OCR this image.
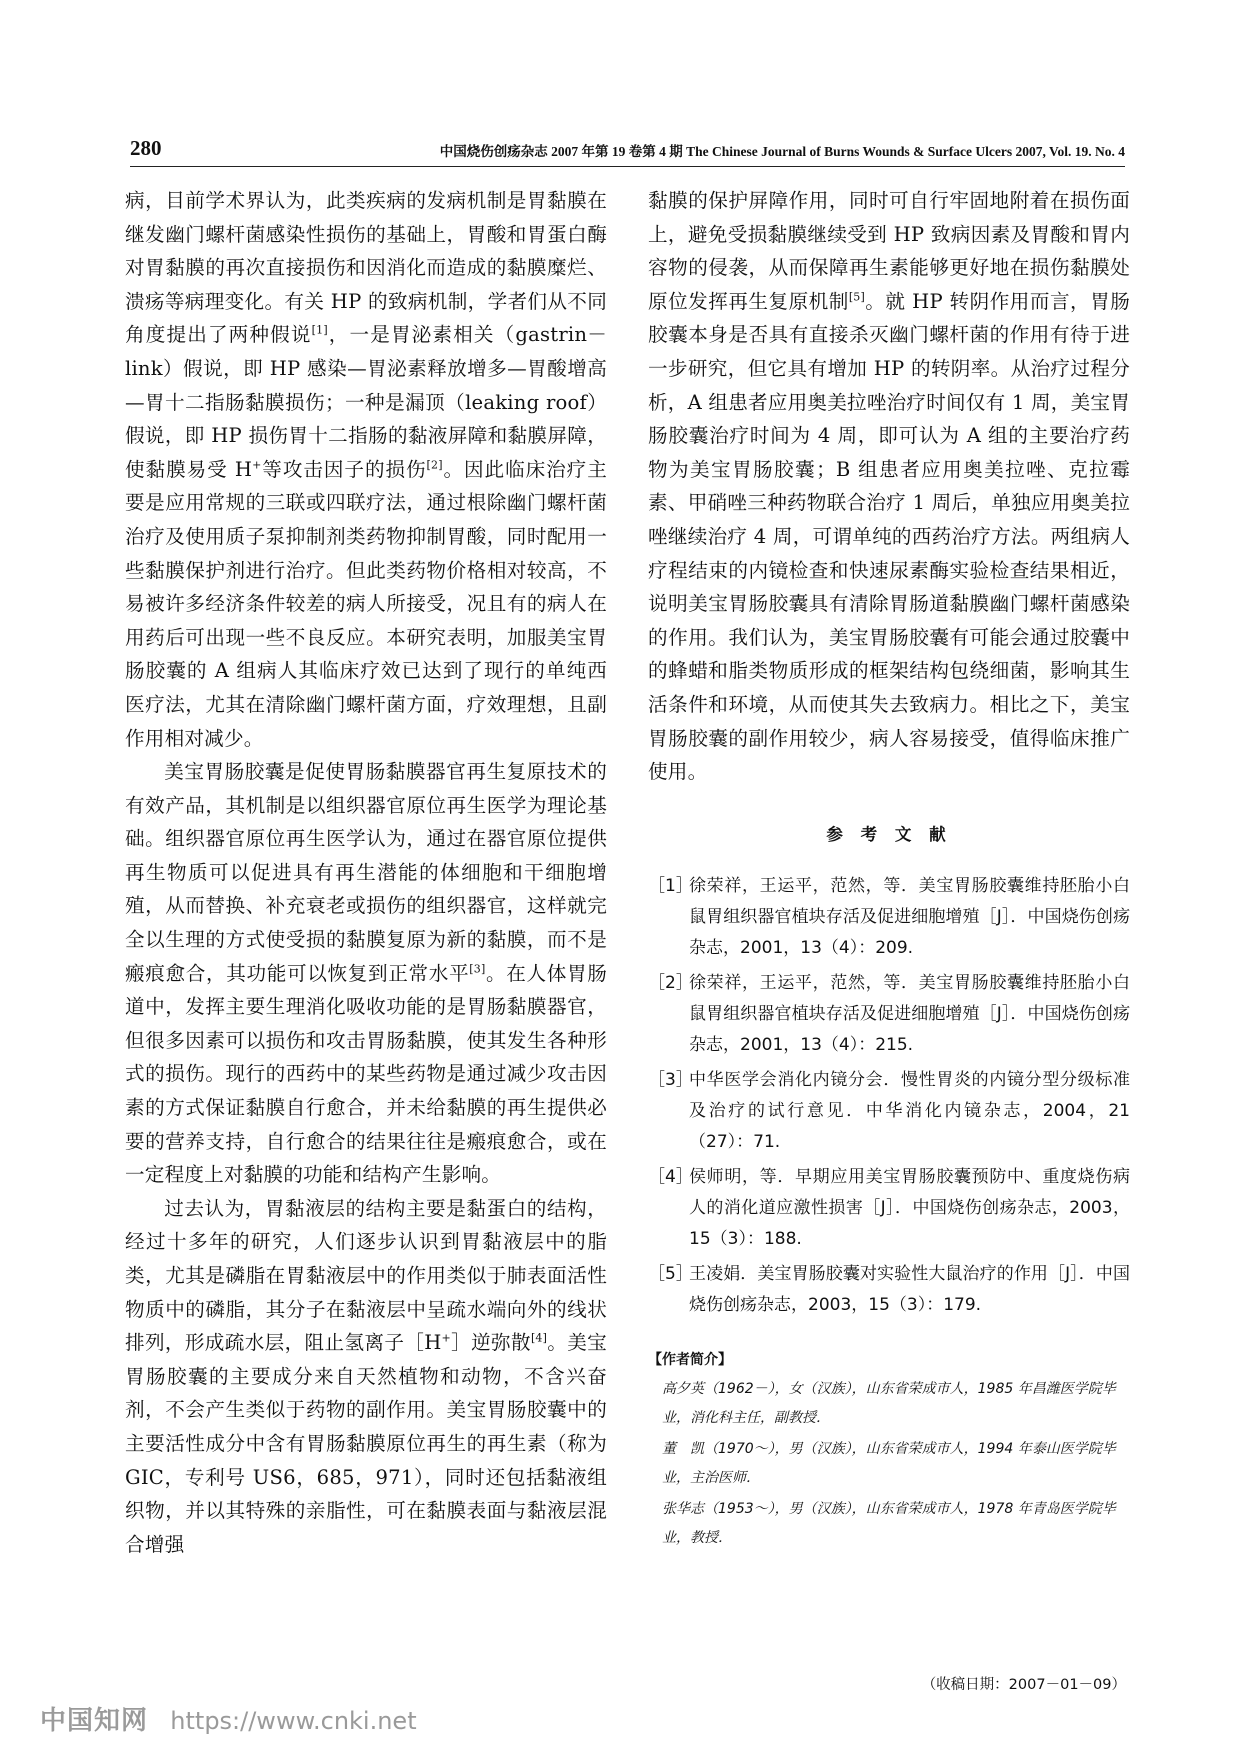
280	中国烧伤创疡杂志 2007 年第 19 卷第 4 期 The Chinese Journal of Burns Wounds & Surface Ulcers 2007, Vol. 19. No. 4

病，目前学术界认为，此类疾病的发病机制是胃黏膜在继发幽门螺杆菌感染性损伤的基础上，胃酸和胃蛋白酶对胃黏膜的再次直接损伤和因消化而造成的黏膜糜烂、溃疡等病理变化。有关 HP 的致病机制，学者们从不同角度提出了两种假说[1]，一是胃泌素相关（gastrin－link）假说，即 HP 感染—胃泌素释放增多—胃酸增高—胃十二指肠黏膜损伤；一种是漏顶（leaking roof）假说，即 HP 损伤胃十二指肠的黏液屏障和黏膜屏障，使黏膜易受 H+等攻击因子的损伤[2]。因此临床治疗主要是应用常规的三联或四联疗法，通过根除幽门螺杆菌治疗及使用质子泵抑制剂类药物抑制胃酸，同时配用一些黏膜保护剂进行治疗。但此类药物价格相对较高，不易被许多经济条件较差的病人所接受，况且有的病人在用药后可出现一些不良反应。本研究表明，加服美宝胃肠胶囊的 A 组病人其临床疗效已达到了现行的单纯西医疗法，尤其在清除幽门螺杆菌方面，疗效理想，且副作用相对减少。

美宝胃肠胶囊是促使胃肠黏膜器官再生复原技术的有效产品，其机制是以组织器官原位再生医学为理论基础。组织器官原位再生医学认为，通过在器官原位提供再生物质可以促进具有再生潜能的体细胞和干细胞增殖，从而替换、补充衰老或损伤的组织器官，这样就完全以生理的方式使受损的黏膜复原为新的黏膜，而不是瘢痕愈合，其功能可以恢复到正常水平[3]。在人体胃肠道中，发挥主要生理消化吸收功能的是胃肠黏膜器官，但很多因素可以损伤和攻击胃肠黏膜，使其发生各种形式的损伤。现行的西药中的某些药物是通过减少攻击因素的方式保证黏膜自行愈合，并未给黏膜的再生提供必要的营养支持，自行愈合的结果往往是瘢痕愈合，或在一定程度上对黏膜的功能和结构产生影响。

过去认为，胃黏液层的结构主要是黏蛋白的结构，经过十多年的研究，人们逐步认识到胃黏液层中的脂类，尤其是磷脂在胃黏液层中的作用类似于肺表面活性物质中的磷脂，其分子在黏液层中呈疏水端向外的线状排列，形成疏水层，阻止氢离子［H+］逆弥散[4]。美宝胃肠胶囊的主要成分来自天然植物和动物，不含兴奋剂，不会产生类似于药物的副作用。美宝胃肠胶囊中的主要活性成分中含有胃肠黏膜原位再生的再生素（称为 GIC，专利号 US6，685，971），同时还包括黏液组织物，并以其特殊的亲脂性，可在黏膜表面与黏液层混合增强

黏膜的保护屏障作用，同时可自行牢固地附着在损伤面上，避免受损黏膜继续受到 HP 致病因素及胃酸和胃内容物的侵袭，从而保障再生素能够更好地在损伤黏膜处原位发挥再生复原机制[5]。就 HP 转阴作用而言，胃肠胶囊本身是否具有直接杀灭幽门螺杆菌的作用有待于进一步研究，但它具有增加 HP 的转阴率。从治疗过程分析，A 组患者应用奥美拉唑治疗时间仅有 1 周，美宝胃肠胶囊治疗时间为 4 周，即可认为 A 组的主要治疗药物为美宝胃肠胶囊；B 组患者应用奥美拉唑、克拉霉素、甲硝唑三种药物联合治疗 1 周后，单独应用奥美拉唑继续治疗 4 周，可谓单纯的西药治疗方法。两组病人疗程结束的内镜检查和快速尿素酶实验检查结果相近，说明美宝胃肠胶囊具有清除胃肠道黏膜幽门螺杆菌感染的作用。我们认为，美宝胃肠胶囊有可能会通过胶囊中的蜂蜡和脂类物质形成的框架结构包绕细菌，影响其生活条件和环境，从而使其失去致病力。相比之下，美宝胃肠胶囊的副作用较少，病人容易接受，值得临床推广使用。

参 考 文 献
［1］
徐荣祥，王运平，范然，等．美宝胃肠胶囊维持胚胎小白鼠胃组织器官植块存活及促进细胞增殖［J］．中国烧伤创疡杂志，2001，13（4）：209.
［2］
徐荣祥，王运平，范然，等．美宝胃肠胶囊维持胚胎小白鼠胃组织器官植块存活及促进细胞增殖［J］．中国烧伤创疡杂志，2001，13（4）：215.
［3］
中华医学会消化内镜分会．慢性胃炎的内镜分型分级标准及治疗的试行意见．中华消化内镜杂志，2004，21（27）：71.
［4］
侯师明，等．早期应用美宝胃肠胶囊预防中、重度烧伤病人的消化道应激性损害［J］．中国烧伤创疡杂志，2003，15（3）：188.
［5］
王凌娟．美宝胃肠胶囊对实验性大鼠治疗的作用［J］．中国烧伤创疡杂志，2003，15（3）：179.
【作者简介】
高夕英（1962－），女（汉族），山东省荣成市人，1985 年昌潍医学院毕业，消化科主任，副教授．
董　凯（1970～），男（汉族），山东省荣成市人，1994 年泰山医学院毕业，主治医师．
张华志（1953～），男（汉族），山东省荣成市人，1978 年青岛医学院毕业，教授．
（收稿日期：2007－01－09）
中国知网 https://www.cnki.net
